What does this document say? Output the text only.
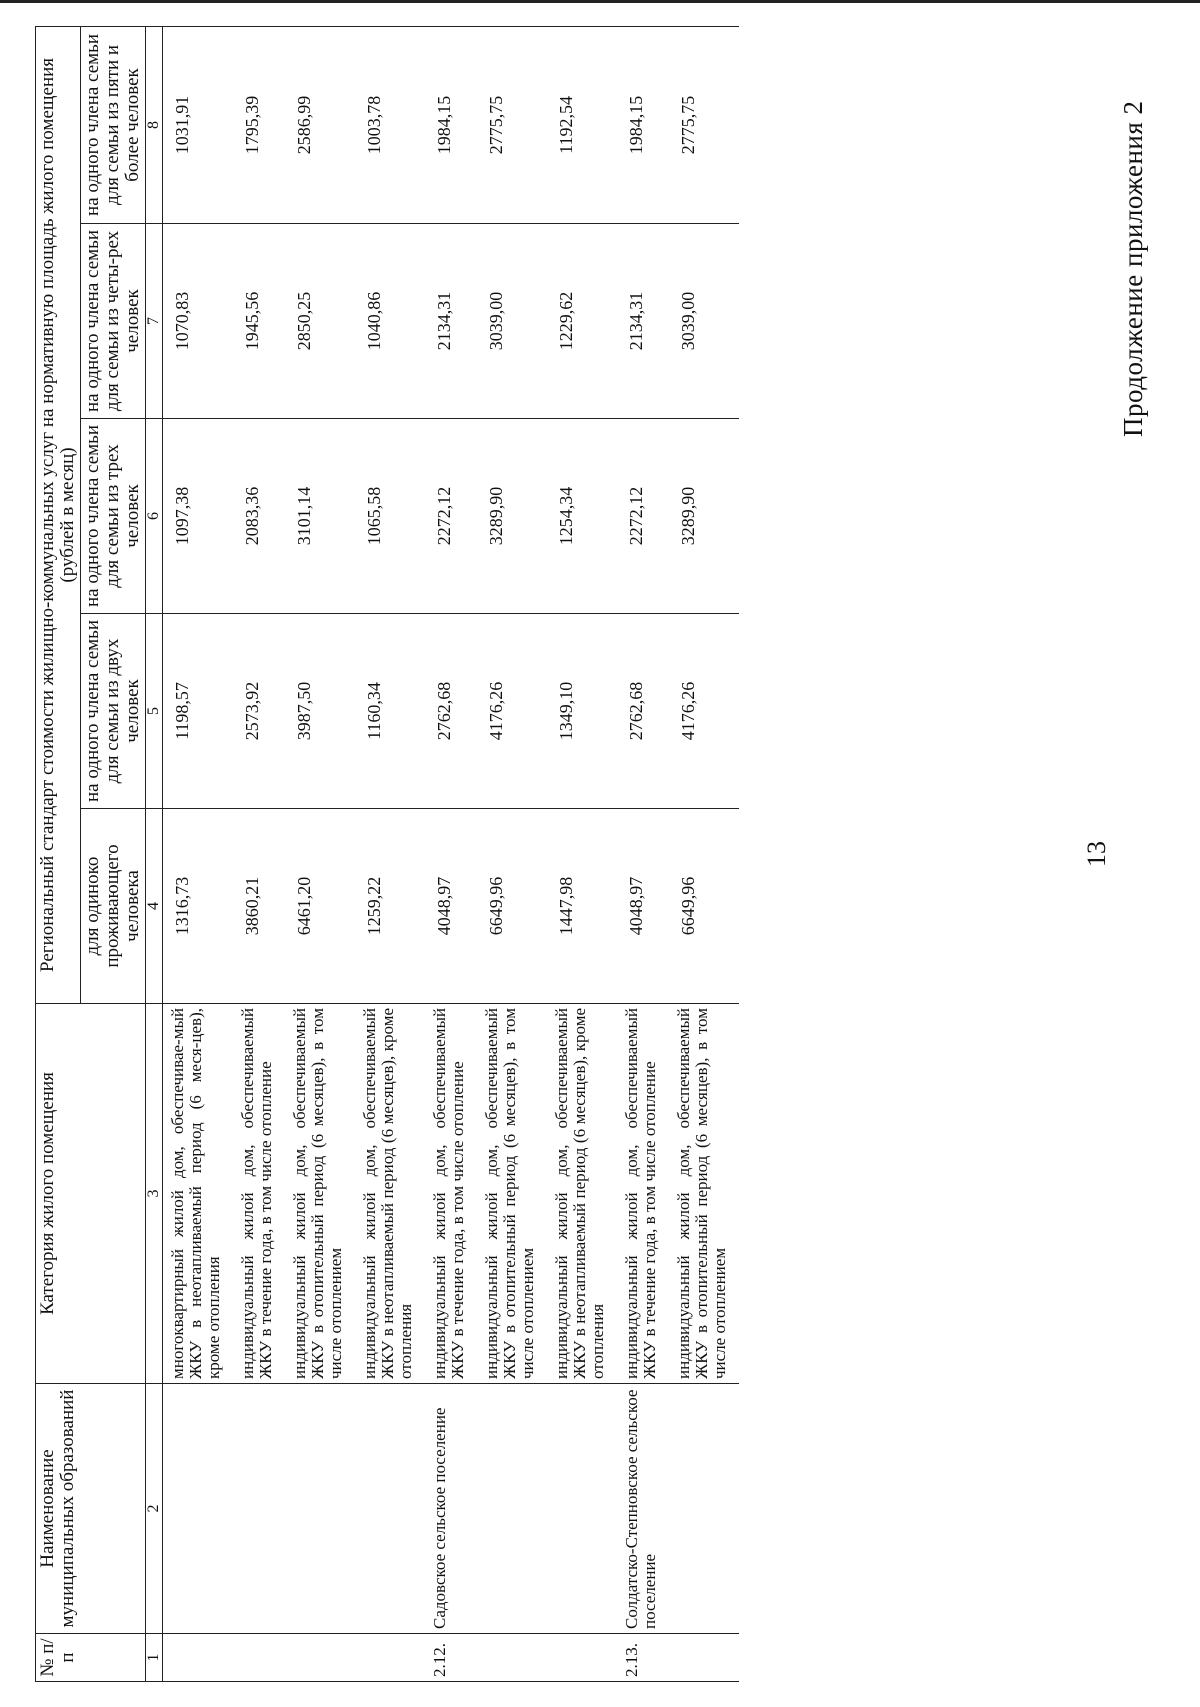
13
Продолжение приложения 2
№ п/п	Наименование муниципальных образований	Категория жилого помещения	Региональный стандарт стоимости жилищно-коммунальных услуг на нормативную площадь жилого помещения (рублей в месяц)				
			для одиноко проживающего человека	на одного члена семьи для семьи из двух человек	на одного члена семьи для семьи из трех человек	на одного члена семьи для семьи из четы-рех человек	на одного члена семьи для семьи из пяти и более человек
1	2	3	4	5	6	7	8
		многоквартирный жилой дом, обеспечивае-мый ЖКУ в неотапливаемый период (6 меся-цев), кроме отопления	1316,73	1198,57	1097,38	1070,83	1031,91
		индивидуальный жилой дом, обеспечиваемый ЖКУ в течение года, в том числе отопление	3860,21	2573,92	2083,36	1945,56	1795,39
		индивидуальный жилой дом, обеспечиваемый ЖКУ в отопительный период (6 месяцев), в том числе отоплением	6461,20	3987,50	3101,14	2850,25	2586,99
		индивидуальный жилой дом, обеспечиваемый ЖКУ в неотапливаемый период (6 месяцев), кроме отопления	1259,22	1160,34	1065,58	1040,86	1003,78
2.12.	Садовское сельское поселение	индивидуальный жилой дом, обеспечиваемый ЖКУ в течение года, в том числе отопление	4048,97	2762,68	2272,12	2134,31	1984,15
		индивидуальный жилой дом, обеспечиваемый ЖКУ в отопительный период (6 месяцев), в том числе отоплением	6649,96	4176,26	3289,90	3039,00	2775,75
		индивидуальный жилой дом, обеспечиваемый ЖКУ в неотапливаемый период (6 месяцев), кроме отопления	1447,98	1349,10	1254,34	1229,62	1192,54
2.13.	Солдатско-Степновское сельское поселение	индивидуальный жилой дом, обеспечиваемый ЖКУ в течение года, в том числе отопление	4048,97	2762,68	2272,12	2134,31	1984,15
		индивидуальный жилой дом, обеспечиваемый ЖКУ в отопительный период (6 месяцев), в том числе отоплением	6649,96	4176,26	3289,90	3039,00	2775,75
